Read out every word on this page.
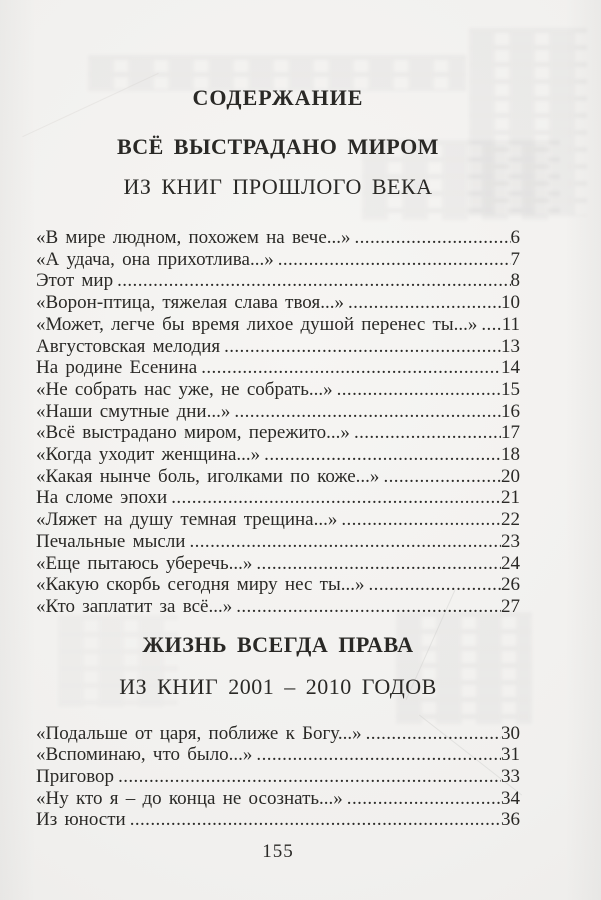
СОДЕРЖАНИЕ
ВСЁ ВЫСТРАДАНО МИРОМ
ИЗ КНИГ ПРОШЛОГО ВЕКА
«В мире людном, похожем на вече...» .....	6
«А удача, она прихотлива...» .....	7
Этот мир .....	8
«Ворон-птица, тяжелая слава твоя...» .....	10
«Может, легче бы время лихое душой перенес ты...» ..... 11
Августовская мелодия .....	13
На родине Есенина .....	14
«Не собрать нас уже, не собрать...» .....	15
«Наши смутные дни...» .....	16
«Всё выстрадано миром, пережито...» .....	17
«Когда уходит женщина...» .....	18
«Какая нынче боль, иголками по коже...» .....	20
На сломе эпохи .....	21
«Ляжет на душу темная трещина...» .....	22
Печальные мысли .....	23
«Еще пытаюсь уберечь...» .....	24
«Какую скорбь сегодня миру нес ты...» .....	26
«Кто заплатит за всё...» .....	27
ЖИЗНЬ ВСЕГДА ПРАВА
ИЗ КНИГ 2001 – 2010 ГОДОВ
«Подальше от царя, поближе к Богу...» .....	30
«Вспоминаю, что было...» .....	31
Приговор .....	33
«Ну кто я – до конца не осознать...» .....	34
Из юности .....	36
155
